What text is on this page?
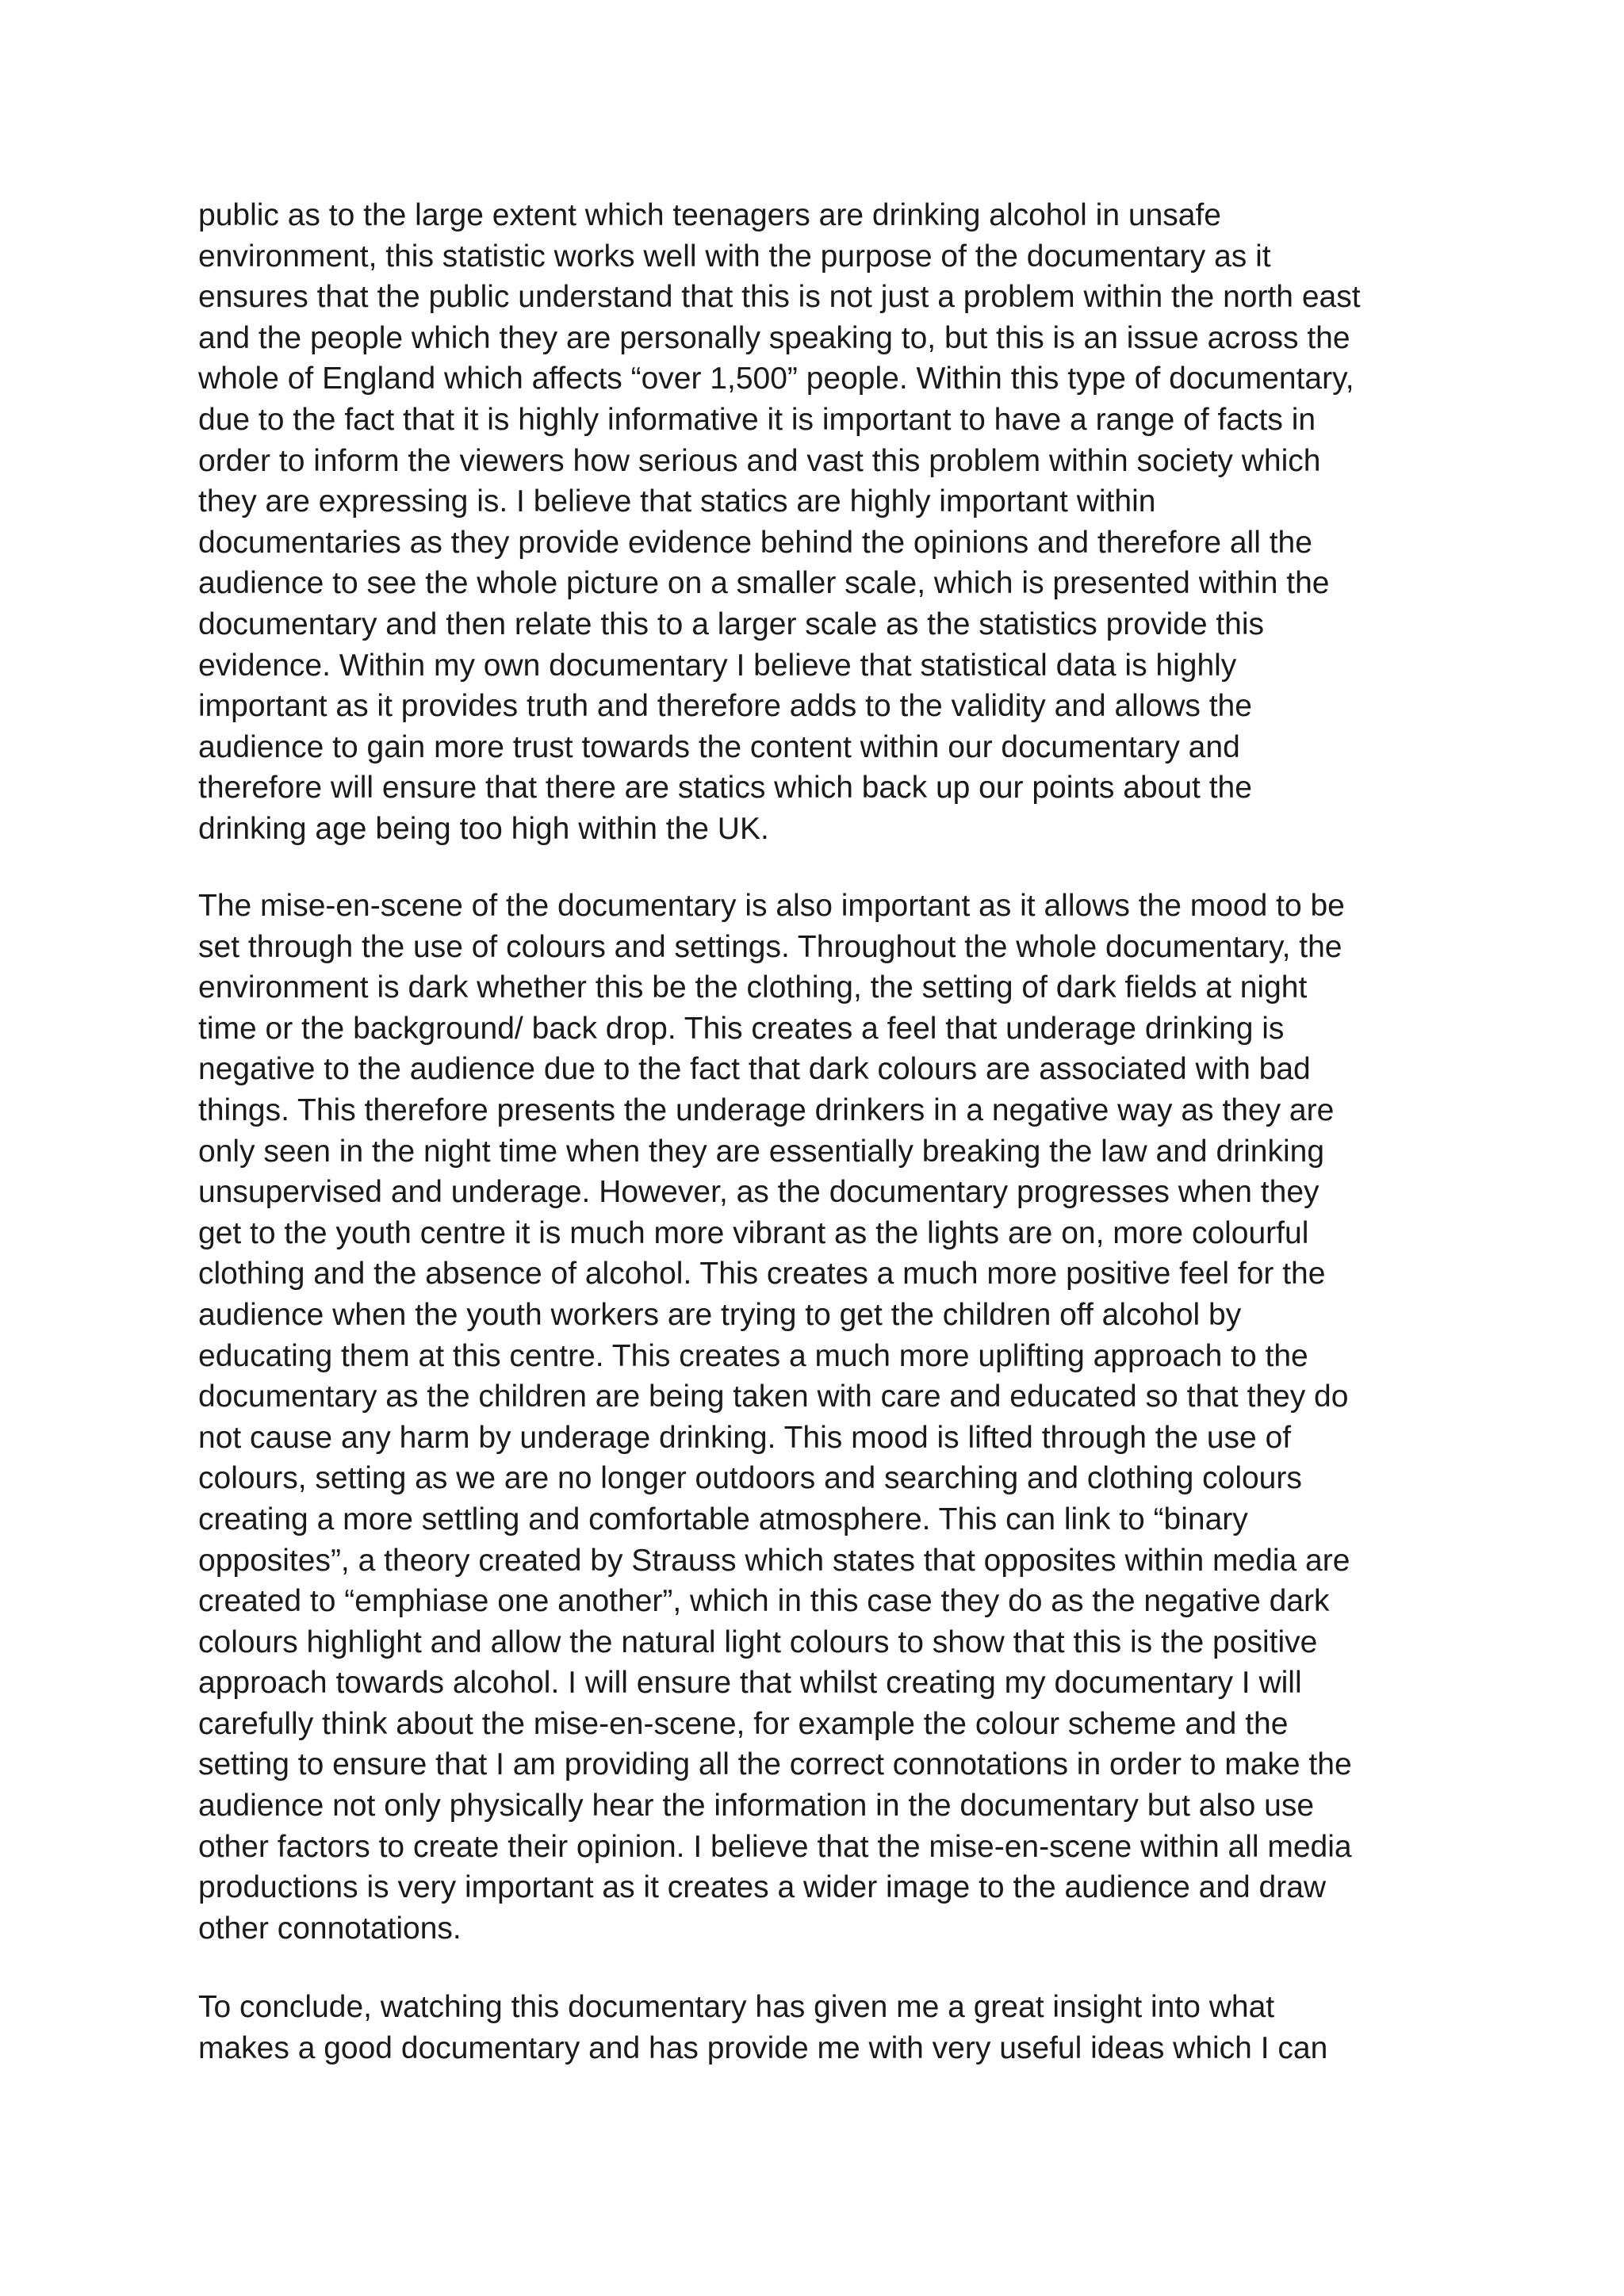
public as to the large extent which teenagers are drinking alcohol in unsafe
environment, this statistic works well with the purpose of the documentary as it
ensures that the public understand that this is not just a problem within the north east
and the people which they are personally speaking to, but this is an issue across the
whole of England which affects “over 1,500” people. Within this type of documentary,
due to the fact that it is highly informative it is important to have a range of facts in
order to inform the viewers how serious and vast this problem within society which
they are expressing is. I believe that statics are highly important within
documentaries as they provide evidence behind the opinions and therefore all the
audience to see the whole picture on a smaller scale, which is presented within the
documentary and then relate this to a larger scale as the statistics provide this
evidence. Within my own documentary I believe that statistical data is highly
important as it provides truth and therefore adds to the validity and allows the
audience to gain more trust towards the content within our documentary and
therefore will ensure that there are statics which back up our points about the
drinking age being too high within the UK.

The mise-en-scene of the documentary is also important as it allows the mood to be
set through the use of colours and settings. Throughout the whole documentary, the
environment is dark whether this be the clothing, the setting of dark fields at night
time or the background/ back drop. This creates a feel that underage drinking is
negative to the audience due to the fact that dark colours are associated with bad
things. This therefore presents the underage drinkers in a negative way as they are
only seen in the night time when they are essentially breaking the law and drinking
unsupervised and underage. However, as the documentary progresses when they
get to the youth centre it is much more vibrant as the lights are on, more colourful
clothing and the absence of alcohol. This creates a much more positive feel for the
audience when the youth workers are trying to get the children off alcohol by
educating them at this centre. This creates a much more uplifting approach to the
documentary as the children are being taken with care and educated so that they do
not cause any harm by underage drinking. This mood is lifted through the use of
colours, setting as we are no longer outdoors and searching and clothing colours
creating a more settling and comfortable atmosphere. This can link to “binary
opposites”, a theory created by Strauss which states that opposites within media are
created to “emphiase one another”, which in this case they do as the negative dark
colours highlight and allow the natural light colours to show that this is the positive
approach towards alcohol. I will ensure that whilst creating my documentary I will
carefully think about the mise-en-scene, for example the colour scheme and the
setting to ensure that I am providing all the correct connotations in order to make the
audience not only physically hear the information in the documentary but also use
other factors to create their opinion. I believe that the mise-en-scene within all media
productions is very important as it creates a wider image to the audience and draw
other connotations.

To conclude, watching this documentary has given me a great insight into what
makes a good documentary and has provide me with very useful ideas which I can
